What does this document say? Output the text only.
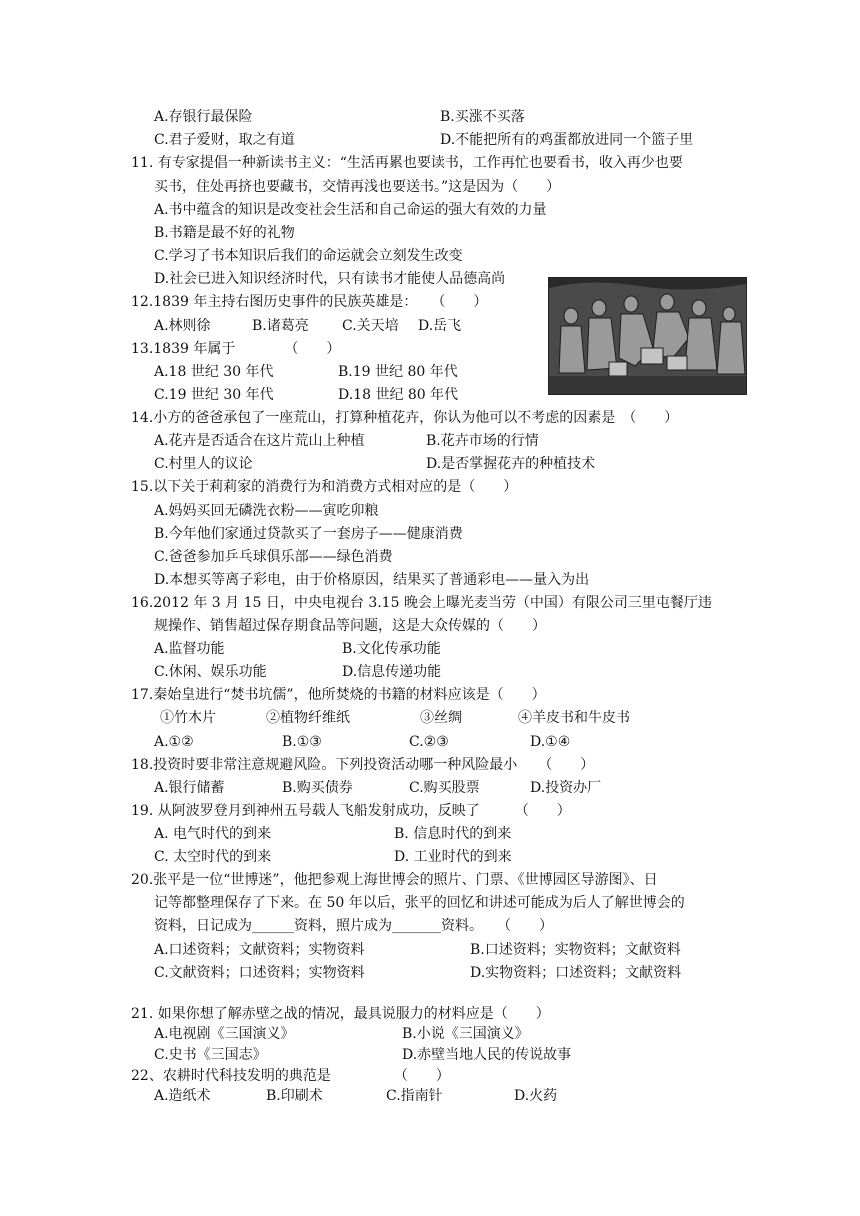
A.存银行最保险	B.买涨不买落
C.君子爱财，取之有道	D.不能把所有的鸡蛋都放进同一个篮子里
11. 有专家提倡一种新读书主义：“生活再累也要读书，工作再忙也要看书，收入再少也要
买书，住处再挤也要藏书，交情再浅也要送书。”这是因为（　　）
A.书中蕴含的知识是改变社会生活和自己命运的强大有效的力量
B.书籍是最不好的礼物
C.学习了书本知识后我们的命运就会立刻发生改变
D.社会已进入知识经济时代，只有读书才能使人品德高尚
12.1839 年主持右图历史事件的民族英雄是：　　（　　）
A.林则徐	B.诸葛亮 C.关天培 D.岳飞
13.1839 年属于　　　　（　　）
A.18 世纪 30 年代	B.19 世纪 80 年代
C.19 世纪 30 年代	D.18 世纪 80 年代
14.小方的爸爸承包了一座荒山，打算种植花卉，你认为他可以不考虑的因素是　（　　）
A.花卉是否适合在这片荒山上种植	B.花卉市场的行情
C.村里人的议论	D.是否掌握花卉的种植技术
15.以下关于莉莉家的消费行为和消费方式相对应的是（　　）
A.妈妈买回无磷洗衣粉——寅吃卯粮
B.今年他们家通过贷款买了一套房子——健康消费
C.爸爸参加乒乓球俱乐部——绿色消费
D.本想买等离子彩电，由于价格原因，结果买了普通彩电——量入为出
16.2012 年 3 月 15 日，中央电视台 3.15 晚会上曝光麦当劳（中国）有限公司三里屯餐厅违
规操作、销售超过保存期食品等问题，这是大众传媒的（　　）
A.监督功能	B.文化传承功能
C.休闲、娱乐功能	D.信息传递功能
17.秦始皇进行“焚书坑儒”，他所焚烧的书籍的材料应该是（　　）
①竹木片	②植物纤维纸	③丝绸	④羊皮书和牛皮书
A.①②	B.①③	C.②③	D.①④
18.投资时要非常注意规避风险。下列投资活动哪一种风险最小　　（　　）
A.银行储蓄	B.购买债券	C.购买股票	D.投资办厂
19. 从阿波罗登月到神州五号载人飞船发射成功，反映了　　　（　　）
A. 电气时代的到来	B. 信息时代的到来
C. 太空时代的到来	D. 工业时代的到来
20.张平是一位“世博迷”，他把参观上海世博会的照片、门票、《世博园区导游图》、日
记等都整理保存了下来。在 50 年以后，张平的回忆和讲述可能成为后人了解世博会的
资料，日记成为______资料，照片成为_______资料。　　（　　）
A.口述资料；文献资料；实物资料	B.口述资料；实物资料；文献资料
C.文献资料；口述资料；实物资料	D.实物资料；口述资料；文献资料
21. 如果你想了解赤壁之战的情况，最具说服力的材料应是（　　）
A.电视剧《三国演义》	B.小说《三国演义》
C.史书《三国志》	D.赤壁当地人民的传说故事
22、农耕时代科技发明的典范是　　　　　（　　）
A.造纸术	B.印刷术	C.指南针	D.火药
